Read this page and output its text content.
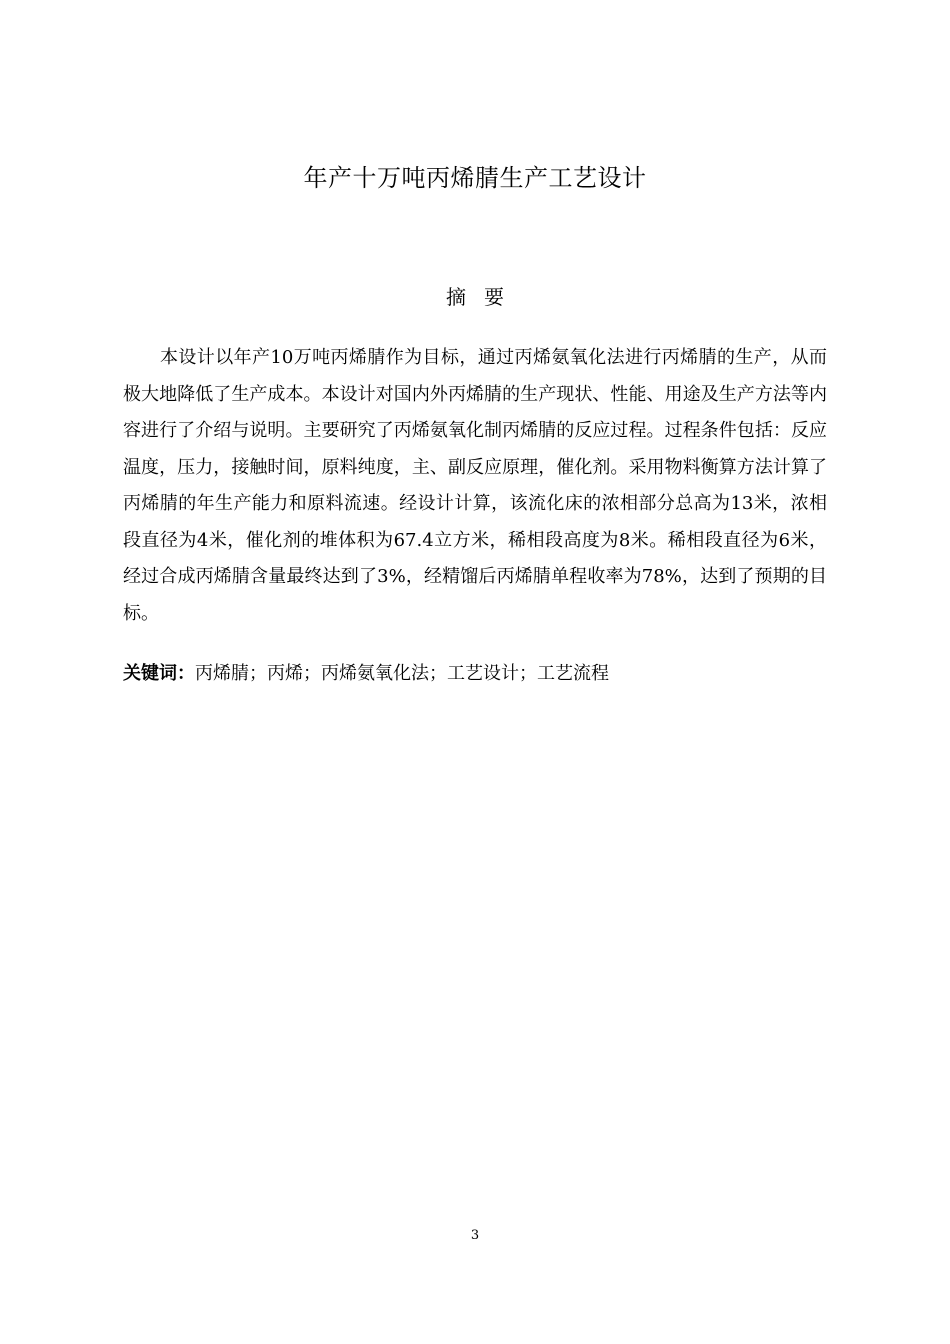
年产十万吨丙烯腈生产工艺设计
摘要

本设计以年产10万吨丙烯腈作为目标，通过丙烯氨氧化法进行丙烯腈的生产，从而极大地降低了生产成本。本设计对国内外丙烯腈的生产现状、性能、用途及生产方法等内容进行了介绍与说明。主要研究了丙烯氨氧化制丙烯腈的反应过程。过程条件包括：反应温度，压力，接触时间，原料纯度，主、副反应原理，催化剂。采用物料衡算方法计算了丙烯腈的年生产能力和原料流速。经设计计算，该流化床的浓相部分总高为13米，浓相段直径为4米，催化剂的堆体积为67.4立方米，稀相段高度为8米。稀相段直径为6米，经过合成丙烯腈含量最终达到了3%，经精馏后丙烯腈单程收率为78%，达到了预期的目标。

关键词：丙烯腈；丙烯；丙烯氨氧化法；工艺设计；工艺流程

3
